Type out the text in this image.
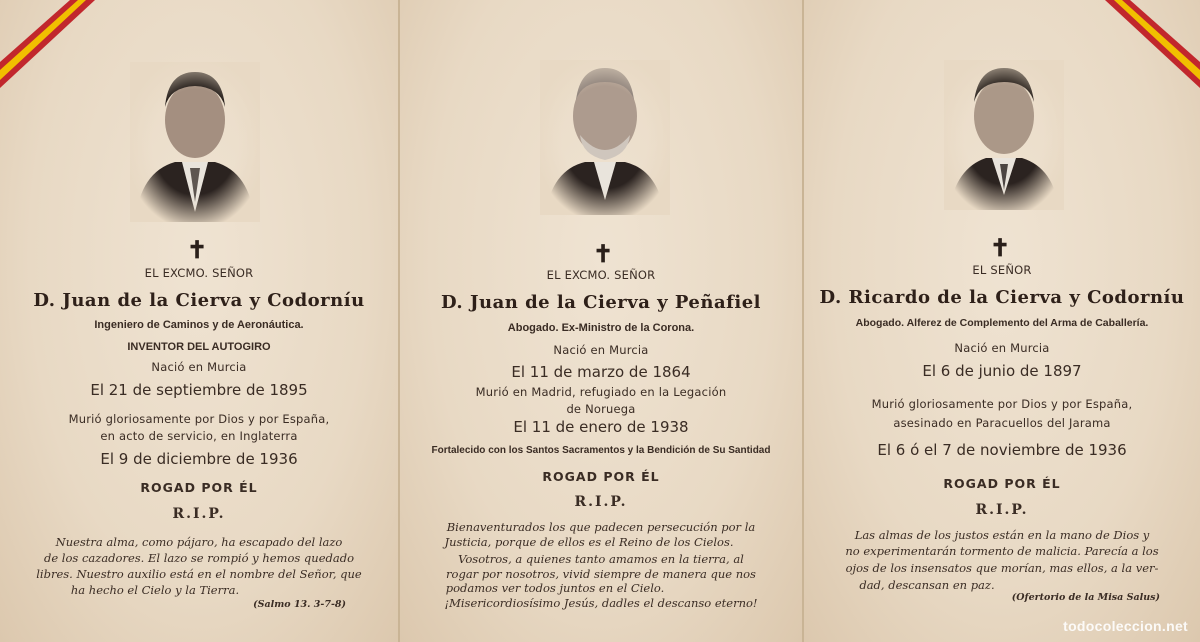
✝
EL EXCMO. SEÑOR
D. Juan de la Cierva y Codorníu
Ingeniero de Caminos y de Aeronáutica.
INVENTOR DEL AUTOGIRO
Nació en Murcia
El 21 de septiembre de 1895
Murió gloriosamente por Dios y por España,
en acto de servicio, en Inglaterra
El 9 de diciembre de 1936
ROGAD POR ÉL
R.I.P.
Nuestra alma, como pájaro, ha escapado del lazo
de los cazadores. El lazo se rompió y hemos quedado
libres. Nuestro auxilio está en el nombre del Señor, que
ha hecho el Cielo y la Tierra.
(Salmo 13. 3-7-8)
✝
EL EXCMO. SEÑOR
D. Juan de la Cierva y Peñafiel
Abogado. Ex-Ministro de la Corona.
Nació en Murcia
El 11 de marzo de 1864
Murió en Madrid, refugiado en la Legación
de Noruega
El 11 de enero de 1938
Fortalecido con los Santos Sacramentos y la Bendición de Su Santidad
ROGAD POR ÉL
R.I.P.
Bienaventurados los que padecen persecución por la
Justicia, porque de ellos es el Reino de los Cielos.
Vosotros, a quienes tanto amamos en la tierra, al
rogar por nosotros, vivid siempre de manera que nos
podamos ver todos juntos en el Cielo.
¡Misericordiosísimo Jesús, dadles el descanso eterno!
✝
EL SEÑOR
D. Ricardo de la Cierva y Codorníu
Abogado. Alferez de Complemento del Arma de Caballería.
Nació en Murcia
El 6 de junio de 1897
Murió gloriosamente por Dios y por España,
asesinado en Paracuellos del Jarama
El 6 ó el 7 de noviembre de 1936
ROGAD POR ÉL
R.I.P.
Las almas de los justos están en la mano de Dios y
no experimentarán tormento de malicia. Parecía a los
ojos de los insensatos que morían, mas ellos, a la ver-
dad, descansan en paz.
(Ofertorio de la Misa Salus)
todocoleccion.net
